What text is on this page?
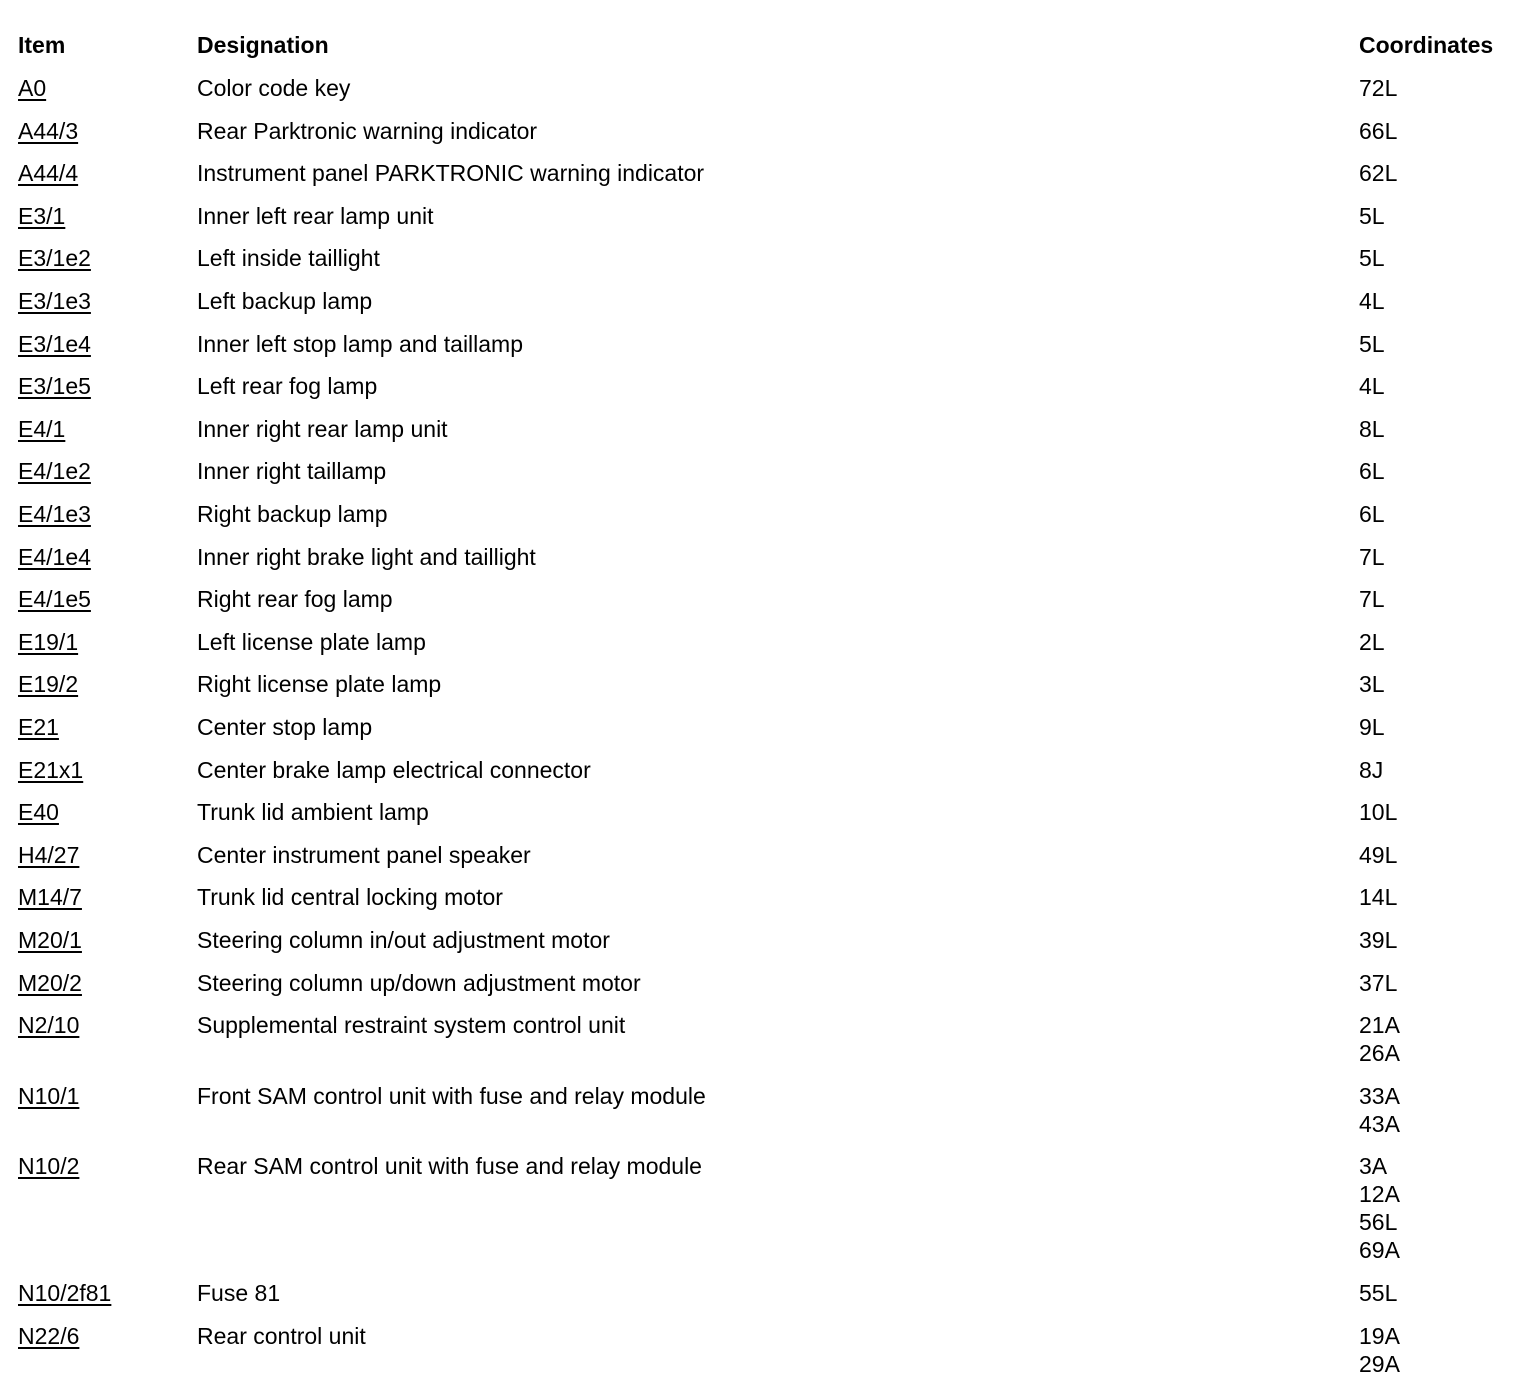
Item	Designation	Coordinates
A0	Color code key	72L
A44/3	Rear Parktronic warning indicator	66L
A44/4	Instrument panel PARKTRONIC warning indicator	62L
E3/1	Inner left rear lamp unit	5L
E3/1e2	Left inside taillight	5L
E3/1e3	Left backup lamp	4L
E3/1e4	Inner left stop lamp and taillamp	5L
E3/1e5	Left rear fog lamp	4L
E4/1	Inner right rear lamp unit	8L
E4/1e2	Inner right taillamp	6L
E4/1e3	Right backup lamp	6L
E4/1e4	Inner right brake light and taillight	7L
E4/1e5	Right rear fog lamp	7L
E19/1	Left license plate lamp	2L
E19/2	Right license plate lamp	3L
E21	Center stop lamp	9L
E21x1	Center brake lamp electrical connector	8J
E40	Trunk lid ambient lamp	10L
H4/27	Center instrument panel speaker	49L
M14/7	Trunk lid central locking motor	14L
M20/1	Steering column in/out adjustment motor	39L
M20/2	Steering column up/down adjustment motor	37L
N2/10	Supplemental restraint system control unit	21A
26A
N10/1	Front SAM control unit with fuse and relay module	33A
43A
N10/2	Rear SAM control unit with fuse and relay module	3A
12A
56L
69A
N10/2f81	Fuse 81	55L
N22/6	Rear control unit	19A
29A
